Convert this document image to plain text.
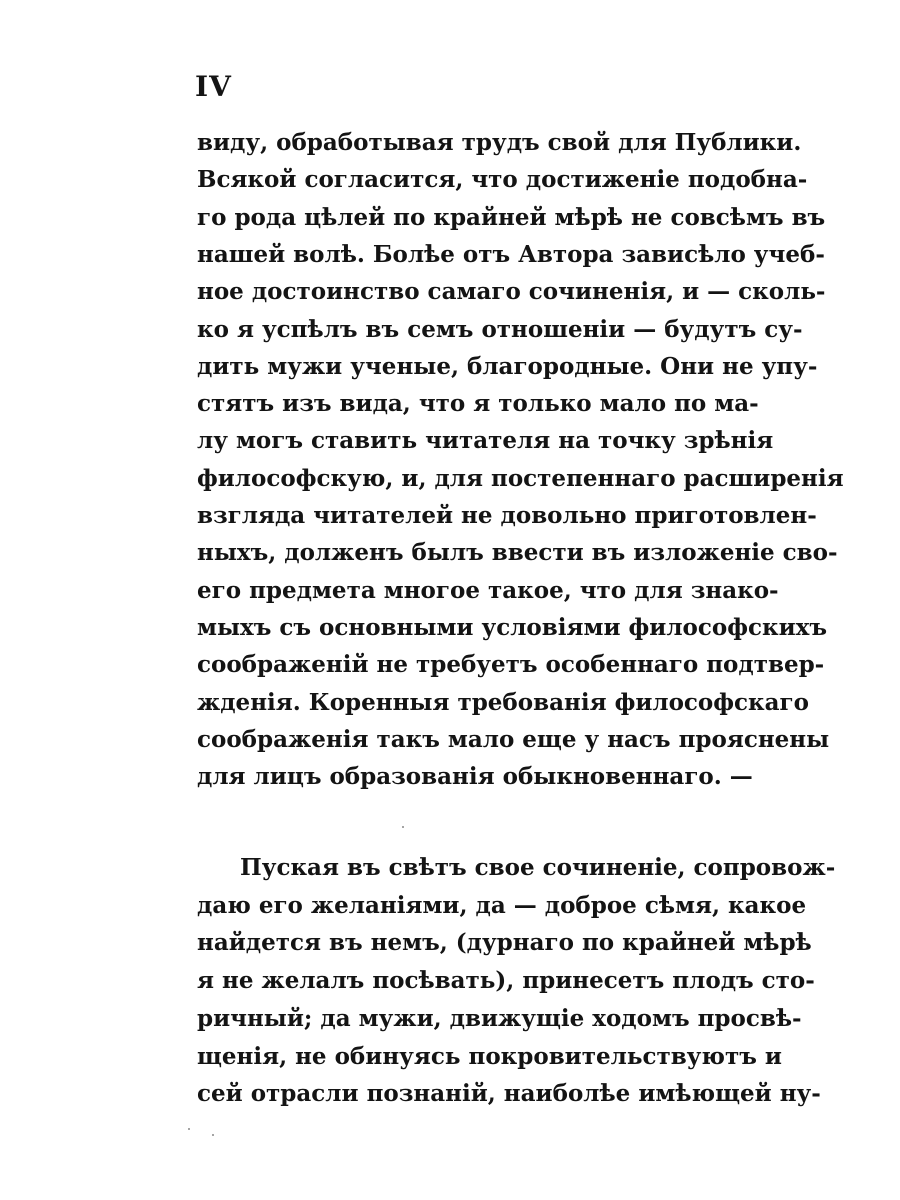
IV
виду, обработывая трудъ свой для Публики.
Всякой согласится, что достиженіе подобна-
го рода цѣлей по крайней мѣрѣ не совсѣмъ въ
нашей волѣ. Болѣе отъ Автора зависѣло учеб-
ное достоинство самаго сочиненія, и — сколь-
ко я успѣлъ въ семъ отношеніи — будутъ су-
дить мужи ученые, благородные. Они не упу-
стятъ изъ вида, что я только мало по ма-
лу могъ ставить читателя на точку зрѣнія
философскую, и, для постепеннаго расширенія
взгляда читателей не довольно приготовлен-
ныхъ, долженъ былъ ввести въ изложеніе сво-
его предмета многое такое, что для знако-
мыхъ съ основными условіями философскихъ
соображеній не требуетъ особеннаго подтвер-
жденія. Коренныя требованія философскаго
соображенія такъ мало еще у насъ прояснены
для лицъ образованія обыкновеннаго. —
Пуская въ свѣтъ свое сочиненіе, сопровож-
даю его желаніями, да — доброе сѣмя, какое
найдется въ немъ, (дурнаго по крайней мѣрѣ
я не желалъ посѣвать), принесетъ плодъ сто-
ричный; да мужи, движущіе ходомъ просвѣ-
щенія, не обинуясь покровительствуютъ и
сей отрасли познаній, наиболѣе имѣющей ну-
